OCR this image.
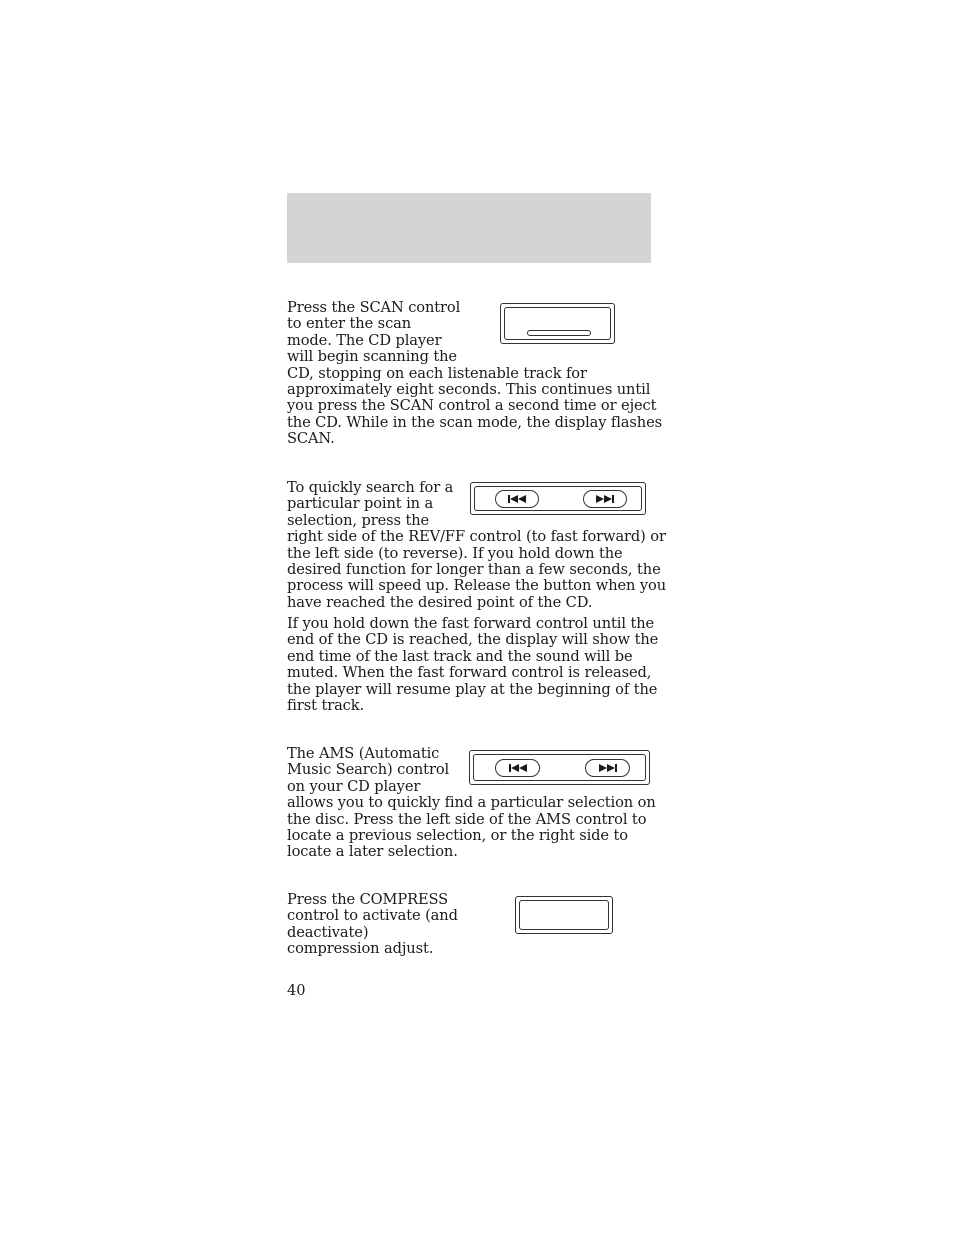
Press the SCAN control
to enter the scan
mode. The CD player
will begin scanning the
CD, stopping on each listenable track for
approximately eight seconds. This continues until
you press the SCAN control a second time or eject
the CD. While in the scan mode, the display flashes
SCAN.

To quickly search for a
particular point in a
selection, press the
right side of the REV/FF control (to fast forward) or
the left side (to reverse). If you hold down the
desired function for longer than a few seconds, the
process will speed up. Release the button when you
have reached the desired point of the CD.

If you hold down the fast forward control until the
end of the CD is reached, the display will show the
end time of the last track and the sound will be
muted. When the fast forward control is released,
the player will resume play at the beginning of the
first track.

The AMS (Automatic
Music Search) control
on your CD player
allows you to quickly find a particular selection on
the disc. Press the left side of the AMS control to
locate a previous selection, or the right side to
locate a later selection.

Press the COMPRESS
control to activate (and
deactivate)
compression adjust.

40
